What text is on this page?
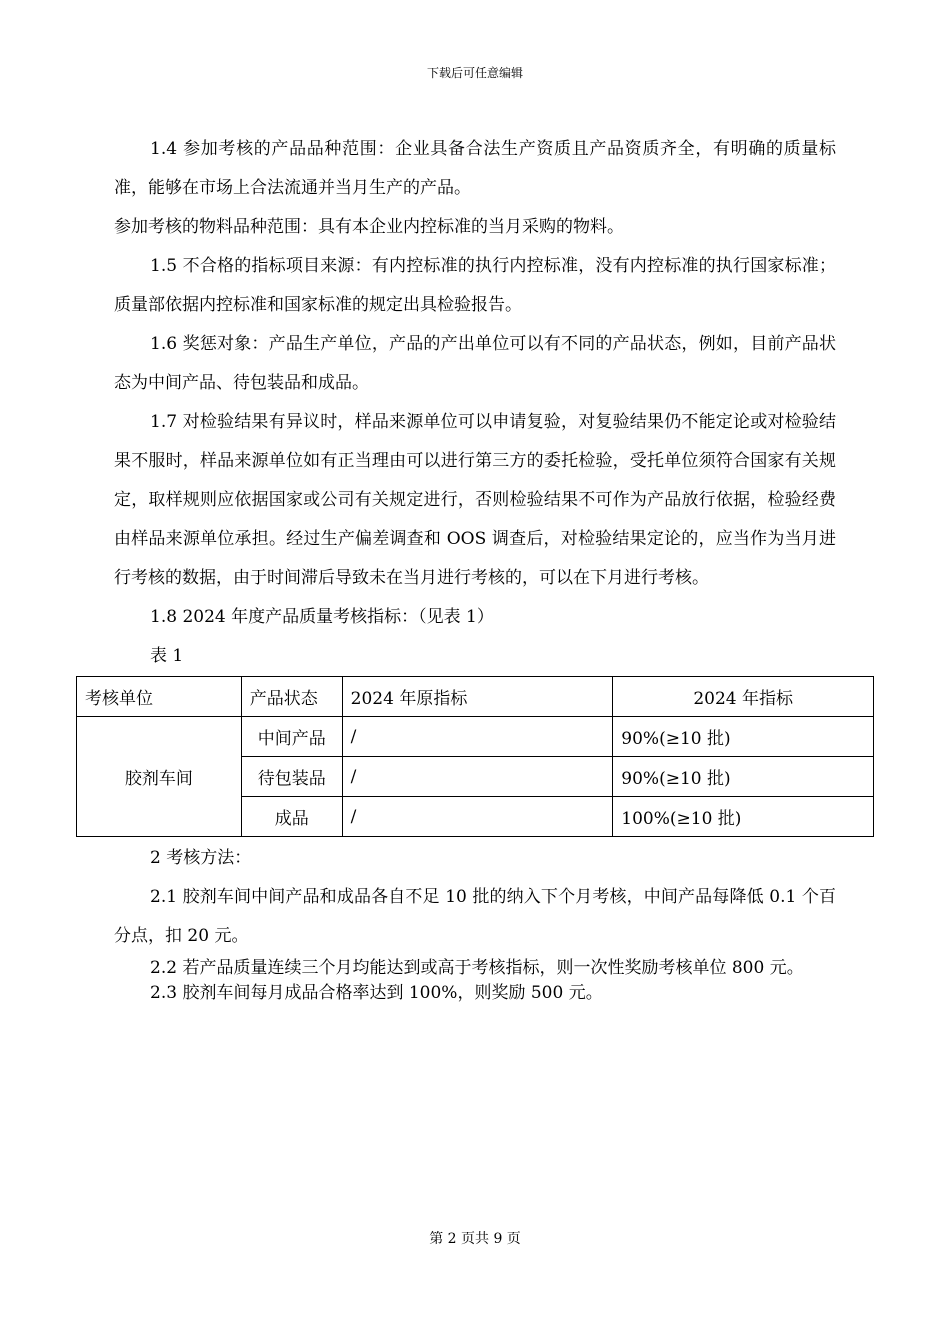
下载后可任意编辑

1.4 参加考核的产品品种范围：企业具备合法生产资质且产品资质齐全，有明确的质量标准，能够在市场上合法流通并当月生产的产品。

参加考核的物料品种范围：具有本企业内控标准的当月采购的物料。

1.5 不合格的指标项目来源：有内控标准的执行内控标准，没有内控标准的执行国家标准；质量部依据内控标准和国家标准的规定出具检验报告。

1.6 奖惩对象：产品生产单位，产品的产出单位可以有不同的产品状态，例如，目前产品状态为中间产品、待包装品和成品。

1.7 对检验结果有异议时，样品来源单位可以申请复验，对复验结果仍不能定论或对检验结果不服时，样品来源单位如有正当理由可以进行第三方的委托检验，受托单位须符合国家有关规定，取样规则应依据国家或公司有关规定进行，否则检验结果不可作为产品放行依据，检验经费由样品来源单位承担。经过生产偏差调查和 OOS 调查后，对检验结果定论的，应当作为当月进行考核的数据，由于时间滞后导致未在当月进行考核的，可以在下月进行考核。

1.8 2024 年度产品质量考核指标：（见表 1）

表 1

考核单位	产品状态	2024 年原指标	2024 年指标
胶剂车间	中间产品	/	90%(≥10 批)
	待包装品	/	90%(≥10 批)
	成品	/	100%(≥10 批)

2 考核方法：

2.1 胶剂车间中间产品和成品各自不足 10 批的纳入下个月考核，中间产品每降低 0.1 个百分点，扣 20 元。

2.2 若产品质量连续三个月均能达到或高于考核指标，则一次性奖励考核单位 800 元。

2.3 胶剂车间每月成品合格率达到 100%，则奖励 500 元。

第 2 页共 9 页
